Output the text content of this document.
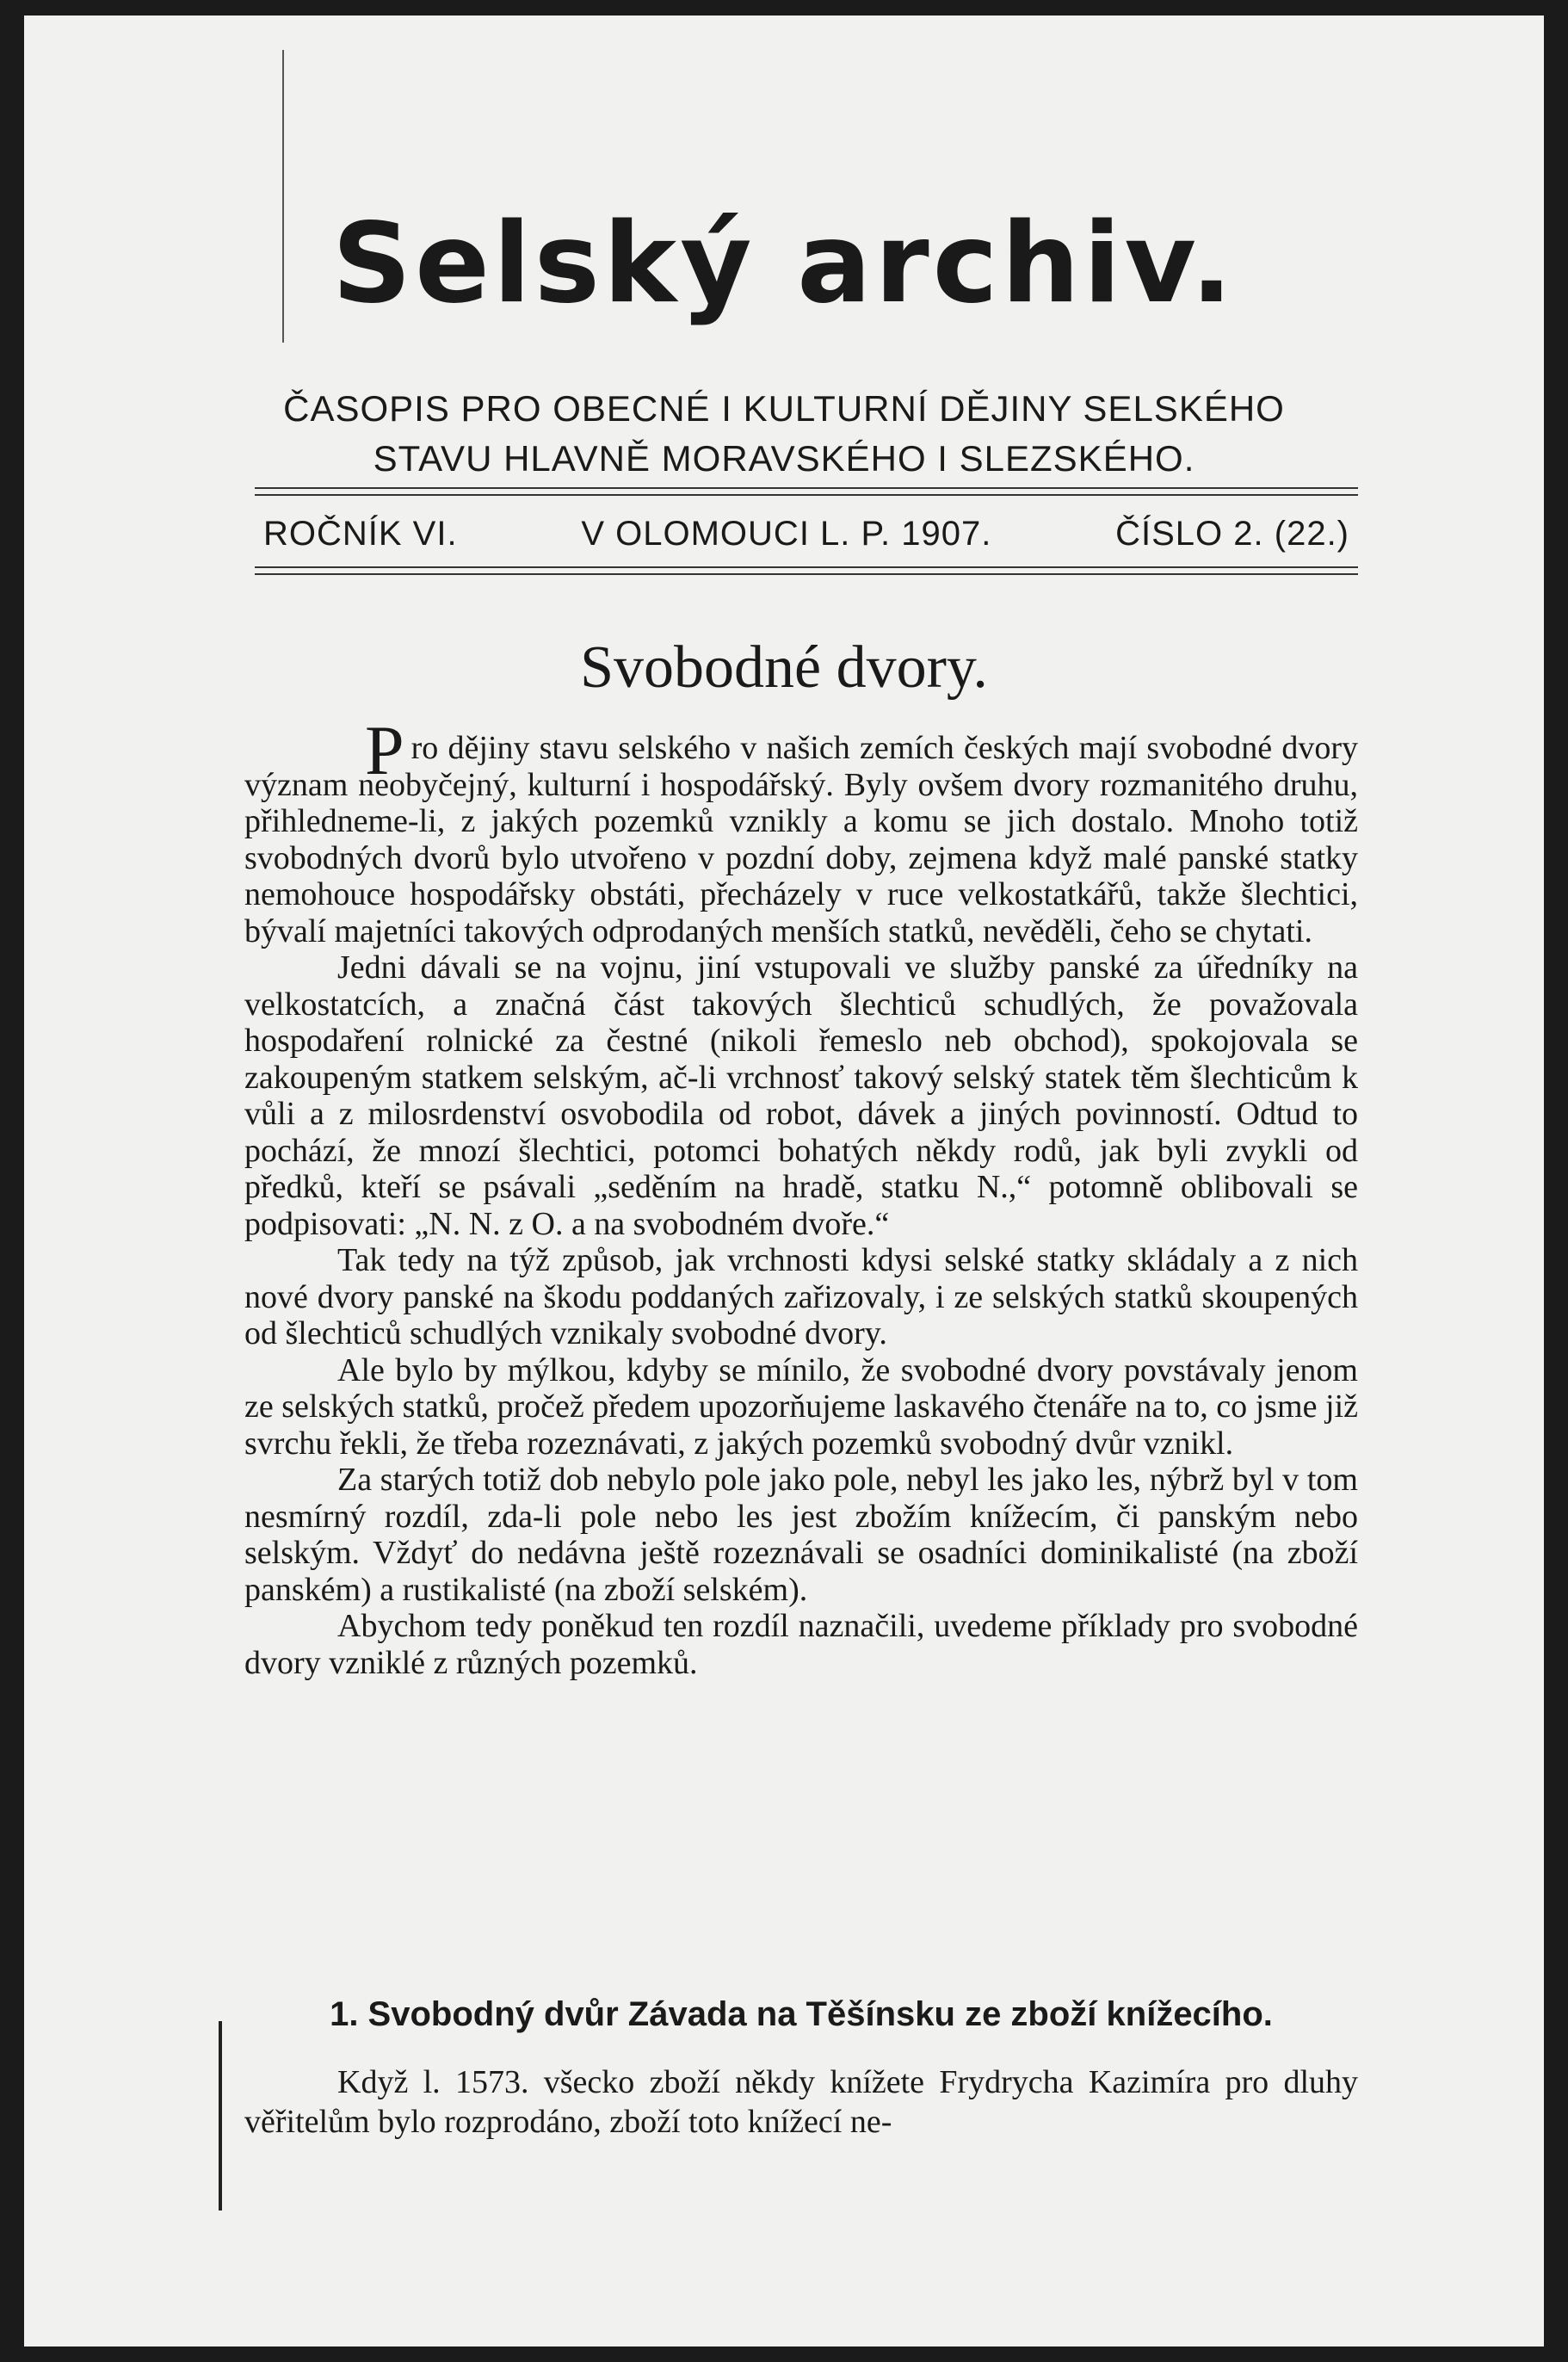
Selský archiv.
ČASOPIS PRO OBECNÉ I KULTURNÍ DĚJINY SELSKÉHO
STAVU HLAVNĚ MORAVSKÉHO I SLEZSKÉHO.
ROČNÍK VI.	V OLOMOUCI L. P. 1907.	ČÍSLO 2. (22.)
Svobodné dvory.

Pro dějiny stavu selského v našich zemích českých mají svobodné dvory význam neobyčejný, kulturní i hospodářský. Byly ovšem dvory rozmanitého druhu, přihledneme-li, z jakých pozemků vznikly a komu se jich dostalo. Mnoho totiž svobodných dvorů bylo utvořeno v pozdní doby, zejmena když malé panské statky nemohouce hospodářsky obstáti, přecházely v ruce velkostatkářů, takže šlechtici, bývalí majetníci takových odprodaných menších statků, nevěděli, čeho se chytati.

Jedni dávali se na vojnu, jiní vstupovali ve služby panské za úředníky na velkostatcích, a značná část takových šlechticů schudlých, že považovala hospodaření rolnické za čestné (nikoli řemeslo neb obchod), spokojovala se zakoupeným statkem selským, ač-li vrchnosť takový selský statek těm šlechticům k vůli a z milosrdenství osvobodila od robot, dávek a jiných povinností. Odtud to pochází, že mnozí šlechtici, potomci bohatých někdy rodů, jak byli zvykli od předků, kteří se psávali „seděním na hradě, statku N.,“ potomně oblibovali se podpisovati: „N. N. z O. a na svobodném dvoře.“

Tak tedy na týž způsob, jak vrchnosti kdysi selské statky skládaly a z nich nové dvory panské na škodu poddaných zařizovaly, i ze selských statků skoupených od šlechticů schudlých vznikaly svobodné dvory.

Ale bylo by mýlkou, kdyby se mínilo, že svobodné dvory povstávaly jenom ze selských statků, pročež předem upozorňujeme laskavého čtenáře na to, co jsme již svrchu řekli, že třeba rozeznávati, z jakých pozemků svobodný dvůr vznikl.

Za starých totiž dob nebylo pole jako pole, nebyl les jako les, nýbrž byl v tom nesmírný rozdíl, zda-li pole nebo les jest zbožím knížecím, či panským nebo selským. Vždyť do nedávna ještě rozeznávali se osadníci dominikalisté (na zboží panském) a rustikalisté (na zboží selském).

Abychom tedy poněkud ten rozdíl naznačili, uvedeme příklady pro svobodné dvory vzniklé z různých pozemků.

1. Svobodný dvůr Závada na Těšínsku ze zboží knížecího.

Když l. 1573. všecko zboží někdy knížete Frydrycha Kazimíra pro dluhy věřitelům bylo rozprodáno, zboží toto knížecí ne-
